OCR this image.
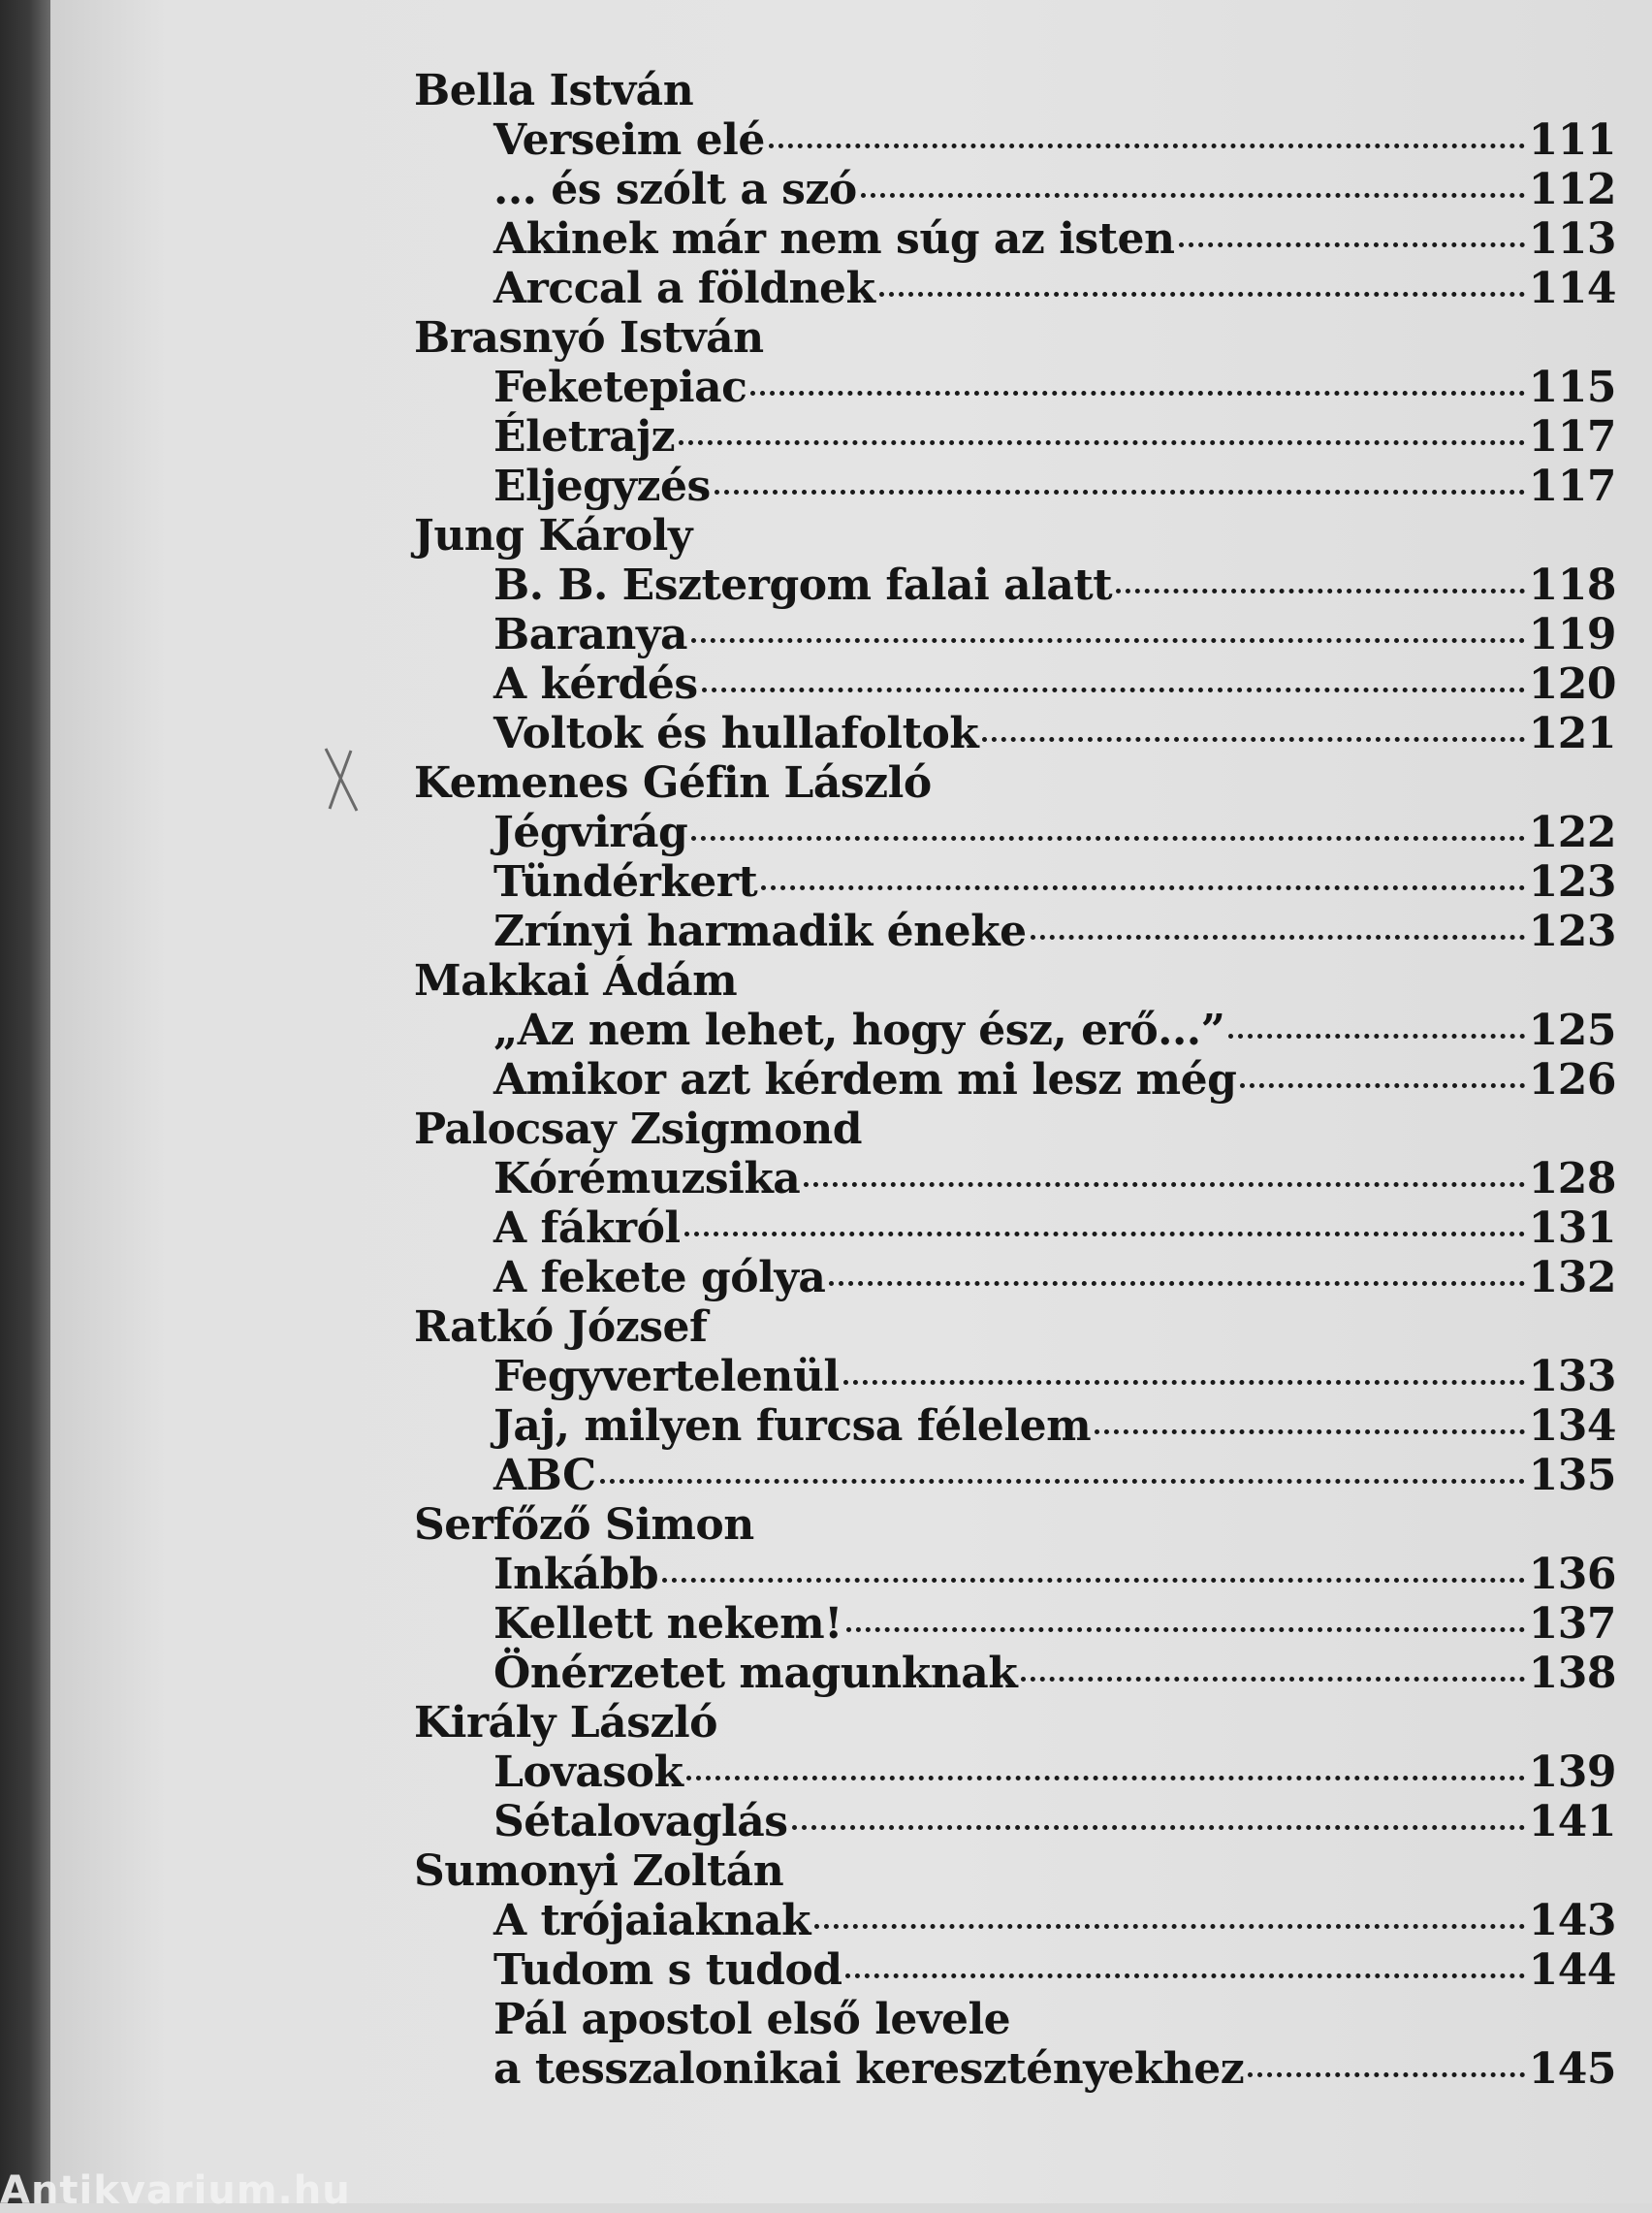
Bella István
Verseim elé	111
... és szólt a szó	112
Akinek már nem súg az isten	113
Arccal a földnek	114
Brasnyó István
Feketepiac	115
Életrajz	117
Eljegyzés	117
Jung Károly
B. B. Esztergom falai alatt	118
Baranya	119
A kérdés	120
Voltok és hullafoltok	121
Kemenes Géfin László
Jégvirág	122
Tündérkert	123
Zrínyi harmadik éneke	123
Makkai Ádám
„Az nem lehet, hogy ész, erő...”	125
Amikor azt kérdem mi lesz még	126
Palocsay Zsigmond
Kórémuzsika	128
A fákról	131
A fekete gólya	132
Ratkó József
Fegyvertelenül	133
Jaj, milyen furcsa félelem	134
ABC	135
Serfőző Simon
Inkább	136
Kellett nekem!	137
Önérzetet magunknak	138
Király László
Lovasok	139
Sétalovaglás	141
Sumonyi Zoltán
A trójaiaknak	143
Tudom s tudod	144
Pál apostol első levele
a tesszalonikai keresztényekhez	145
Antikvarium.hu
